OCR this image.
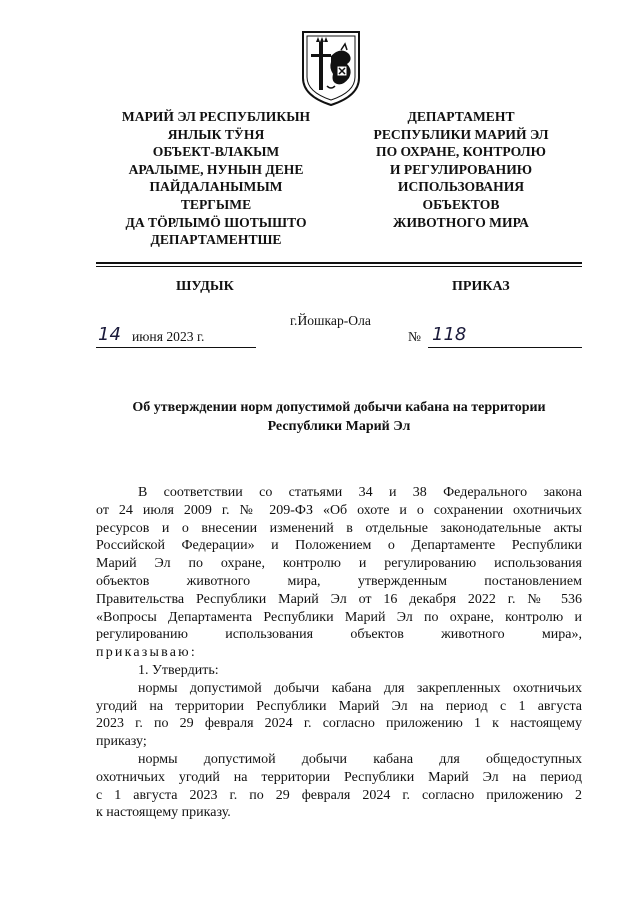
МАРИЙ ЭЛ РЕСПУБЛИКЫН
ЯНЛЫК ТӰНЯ
ОБЪЕКТ-ВЛАКЫМ
АРАЛЫМЕ, НУНЫН ДЕНЕ
ПАЙДАЛАНЫМЫМ
ТЕРГЫМЕ
ДА ТӦРЛЫМӦ ШОТЫШТО
ДЕПАРТАМЕНТШЕ
ДЕПАРТАМЕНТ
РЕСПУБЛИКИ МАРИЙ ЭЛ
ПО ОХРАНЕ, КОНТРОЛЮ
И РЕГУЛИРОВАНИЮ
ИСПОЛЬЗОВАНИЯ
ОБЪЕКТОВ
ЖИВОТНОГО МИРА
ШУДЫК	ПРИКАЗ
г.Йошкар-Ола
14 июня 2023 г.	№ 118
Об утверждении норм допустимой добычи кабана на территории
Республики Марий Эл
В соответствии со статьями 34 и 38 Федерального закона
от 24 июля 2009 г. № 209-ФЗ «Об охоте и о сохранении охотничьих
ресурсов и о внесении изменений в отдельные законодательные акты
Российской Федерации» и Положением о Департаменте Республики
Марий Эл по охране, контролю и регулированию использования
объектов животного мира, утвержденным постановлением
Правительства Республики Марий Эл от 16 декабря 2022 г. № 536
«Вопросы Департамента Республики Марий Эл по охране, контролю и
регулированию использования объектов животного мира»,
приказываю:
1. Утвердить:
нормы допустимой добычи кабана для закрепленных охотничьих
угодий на территории Республики Марий Эл на период с 1 августа
2023 г. по 29 февраля 2024 г. согласно приложению 1 к настоящему
приказу;
нормы допустимой добычи кабана для общедоступных
охотничьих угодий на территории Республики Марий Эл на период
с 1 августа 2023 г. по 29 февраля 2024 г. согласно приложению 2
к настоящему приказу.
